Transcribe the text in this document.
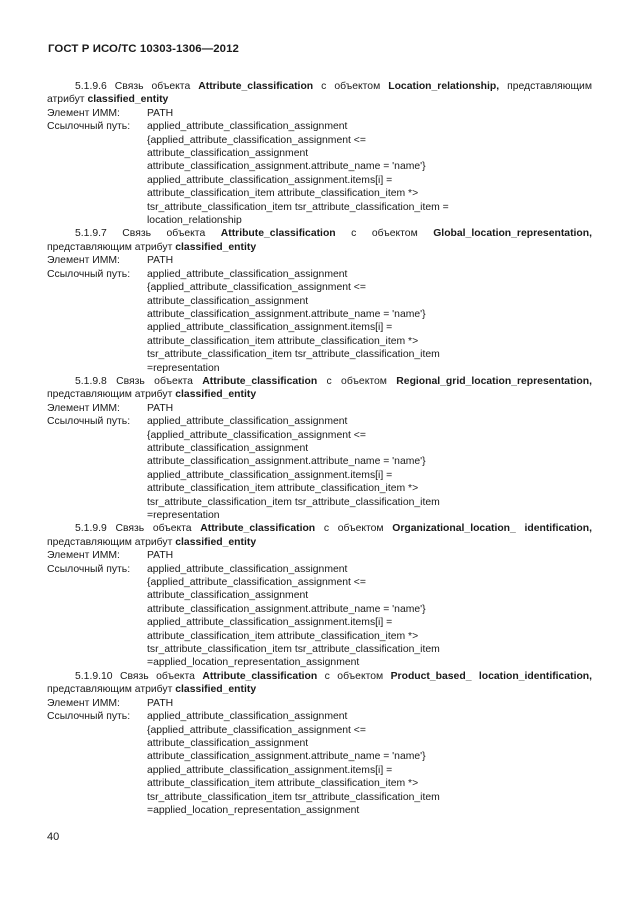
ГОСТ Р ИСО/ТС 10303-1306—2012
5.1.9.6 Связь объекта Attribute_classification с объектом Location_relationship, представляющим атрибут classified_entity
Элемент ИММ:	PATH
Ссылочный путь:	applied_attribute_classification_assignment
{applied_attribute_classification_assignment <=
attribute_classification_assignment
attribute_classification_assignment.attribute_name = 'name'}
applied_attribute_classification_assignment.items[i] =
attribute_classification_item attribute_classification_item *>
tsr_attribute_classification_item tsr_attribute_classification_item =
location_relationship
5.1.9.7 Связь объекта Attribute_classification с объектом Global_location_representation, представляющим атрибут classified_entity
Элемент ИММ:	PATH
Ссылочный путь:	applied_attribute_classification_assignment
{applied_attribute_classification_assignment <=
attribute_classification_assignment
attribute_classification_assignment.attribute_name = 'name'}
applied_attribute_classification_assignment.items[i] =
attribute_classification_item attribute_classification_item *>
tsr_attribute_classification_item tsr_attribute_classification_item
=representation
5.1.9.8 Связь объекта Attribute_classification с объектом Regional_grid_location_representation, представляющим атрибут classified_entity
Элемент ИММ:	PATH
Ссылочный путь:	applied_attribute_classification_assignment
{applied_attribute_classification_assignment <=
attribute_classification_assignment
attribute_classification_assignment.attribute_name = 'name'}
applied_attribute_classification_assignment.items[i] =
attribute_classification_item attribute_classification_item *>
tsr_attribute_classification_item tsr_attribute_classification_item
=representation
5.1.9.9 Связь объекта Attribute_classification с объектом Organizational_location_ identification, представляющим атрибут classified_entity
Элемент ИММ:	PATH
Ссылочный путь:	applied_attribute_classification_assignment
{applied_attribute_classification_assignment <=
attribute_classification_assignment
attribute_classification_assignment.attribute_name = 'name'}
applied_attribute_classification_assignment.items[i] =
attribute_classification_item attribute_classification_item *>
tsr_attribute_classification_item tsr_attribute_classification_item
=applied_location_representation_assignment
5.1.9.10 Связь объекта Attribute_classification с объектом Product_based_ location_identification, представляющим атрибут classified_entity
Элемент ИММ:	PATH
Ссылочный путь:	applied_attribute_classification_assignment
{applied_attribute_classification_assignment <=
attribute_classification_assignment
attribute_classification_assignment.attribute_name = 'name'}
applied_attribute_classification_assignment.items[i] =
attribute_classification_item attribute_classification_item *>
tsr_attribute_classification_item tsr_attribute_classification_item
=applied_location_representation_assignment
40
